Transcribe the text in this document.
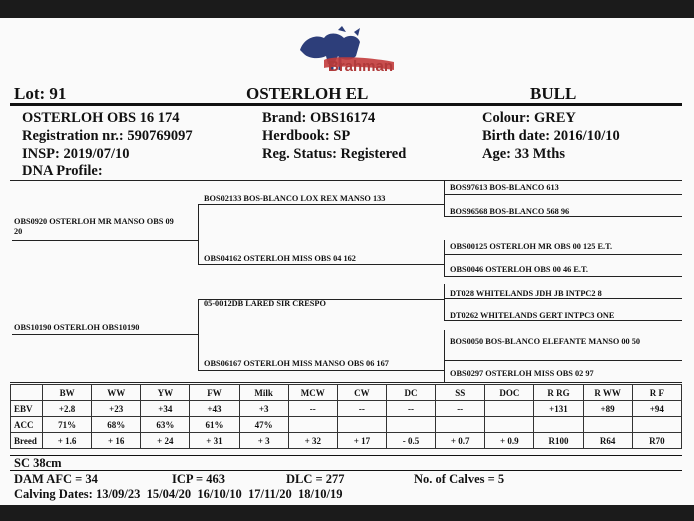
Brahman
Lot: 91	OSTERLOH EL	BULL
OSTERLOH OBS 16 174
Registration nr.: 590769097
INSP: 2019/07/10
DNA Profile:
Brand: OBS16174
Herdbook: SP
Reg. Status: Registered
Colour: GREY
Birth date: 2016/10/10
Age: 33 Mths
OBS0920 OSTERLOH MR MANSO OBS 09 20
OBS10190 OSTERLOH OBS10190
BOS02133 BOS-BLANCO LOX REX MANSO 133
OBS04162 OSTERLOH MISS OBS 04 162
05-0012DB LARED SIR CRESPO
OBS06167 OSTERLOH MISS MANSO OBS 06 167
BOS97613 BOS-BLANCO 613
BOS96568 BOS-BLANCO 568 96
OBS00125 OSTERLOH MR OBS 00 125 E.T.
OBS0046 OSTERLOH OBS 00 46 E.T.
DT028 WHITELANDS JDH JB INTPC2 8
DT0262 WHITELANDS GERT INTPC3 ONE
BOS0050 BOS-BLANCO ELEFANTE MANSO 00 50
OBS0297 OSTERLOH MISS OBS 02 97
	BW	WW	YW	FW	Milk	MCW	CW	DC	SS	DOC	R RG	R WW	R F
EBV	+2.8	+23	+34	+43	+3	--	--	--	--		+131	+89	+94
ACC	71%	68%	63%	61%	47%								
Breed	+ 1.6	+ 16	+ 24	+ 31	+ 3	+ 32	+ 17	- 0.5	+ 0.7	+ 0.9	R100	R64	R70
SC 38cm
DAM AFC = 34	ICP = 463	DLC = 277	No. of Calves = 5
Calving Dates: 13/09/23  15/04/20  16/10/10  17/11/20  18/10/19
